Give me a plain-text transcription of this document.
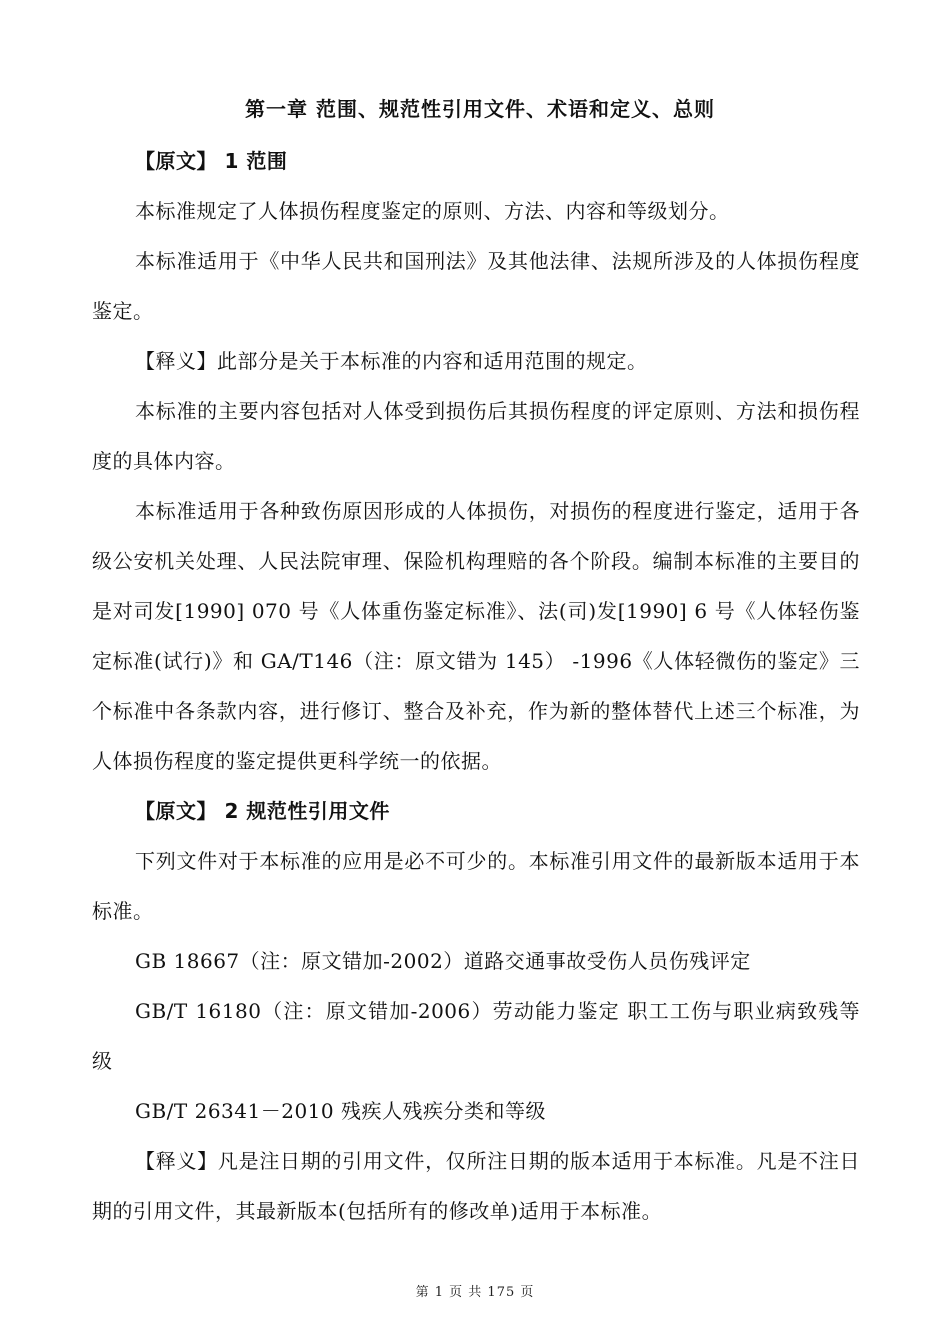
第一章 范围、规范性引用文件、术语和定义、总则
【原文】 1 范围
本标准规定了人体损伤程度鉴定的原则、方法、内容和等级划分。
本标准适用于《中华人民共和国刑法》及其他法律、法规所涉及的人体损伤程度鉴定。
【释义】此部分是关于本标准的内容和适用范围的规定。
本标准的主要内容包括对人体受到损伤后其损伤程度的评定原则、方法和损伤程度的具体内容。
本标准适用于各种致伤原因形成的人体损伤，对损伤的程度进行鉴定，适用于各级公安机关处理、人民法院审理、保险机构理赔的各个阶段。编制本标准的主要目的是对司发[1990] 070 号《人体重伤鉴定标准》、法(司)发[1990] 6 号《人体轻伤鉴定标准(试行)》和 GA/T146（注：原文错为 145） -1996《人体轻微伤的鉴定》三个标准中各条款内容，进行修订、整合及补充，作为新的整体替代上述三个标准，为人体损伤程度的鉴定提供更科学统一的依据。
【原文】 2 规范性引用文件
下列文件对于本标准的应用是必不可少的。本标准引用文件的最新版本适用于本标准。
GB 18667（注：原文错加-2002）道路交通事故受伤人员伤残评定
GB/T 16180（注：原文错加-2006）劳动能力鉴定 职工工伤与职业病致残等级
GB/T 26341－2010 残疾人残疾分类和等级
【释义】凡是注日期的引用文件，仅所注日期的版本适用于本标准。凡是不注日期的引用文件，其最新版本(包括所有的修改单)适用于本标准。
第 1 页 共 175 页
